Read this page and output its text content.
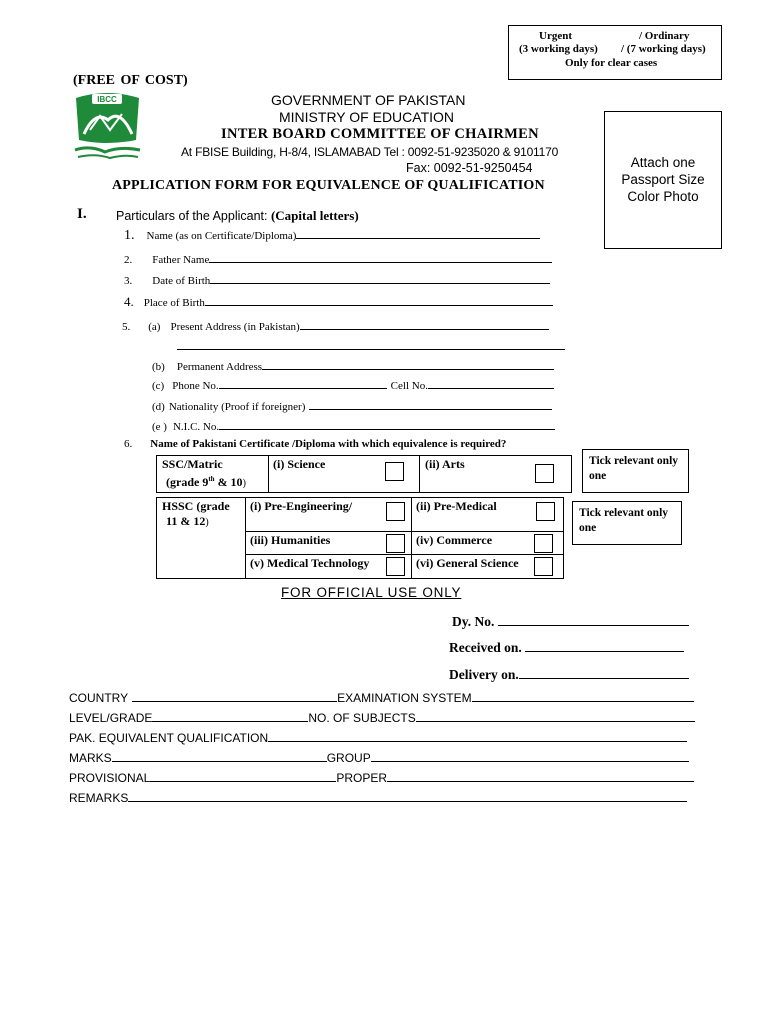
Urgent	/ Ordinary
(3 working days) / (7 working days)
Only for clear cases
(FREE OF COST)
IBCC	GOVERNMENT OF PAKISTAN
MINISTRY OF EDUCATION
INTER BOARD COMMITTEE OF CHAIRMEN
At FBISE Building, H-8/4, ISLAMABAD Tel : 0092-51-9235020 & 9101170
Fax: 0092-51-9250454
APPLICATION FORM FOR EQUIVALENCE OF QUALIFICATION
Attach one
Passport Size
Color Photo
I. Particulars of the Applicant: (Capital letters)
1. Name (as on Certificate/Diploma)
2. Father Name
3. Date of Birth
4. Place of Birth
5. (a) Present Address (in Pakistan)
(b) Permanent Address
(c) Phone No.	Cell No.
(d) Nationality (Proof if foreigner)
(e ) N.I.C. No.
6. Name of Pakistani Certificate /Diploma with which equivalence is required?
SSC/Matric
(grade 9th & 10)
(i) Science	(ii) Arts	Tick relevant only one
HSSC (grade
11 & 12)
(i) Pre-Engineering/	(ii) Pre-Medical
(iii) Humanities	(iv) Commerce
(v) Medical Technology	(vi) General Science
Tick relevant only one
FOR OFFICIAL USE ONLY
Dy. No.
Received on.
Delivery on.
COUNTRY	EXAMINATION SYSTEM
LEVEL/GRADE	NO. OF SUBJECTS
PAK. EQUIVALENT QUALIFICATION
MARKS	GROUP
PROVISIONAL	PROPER
REMARKS
